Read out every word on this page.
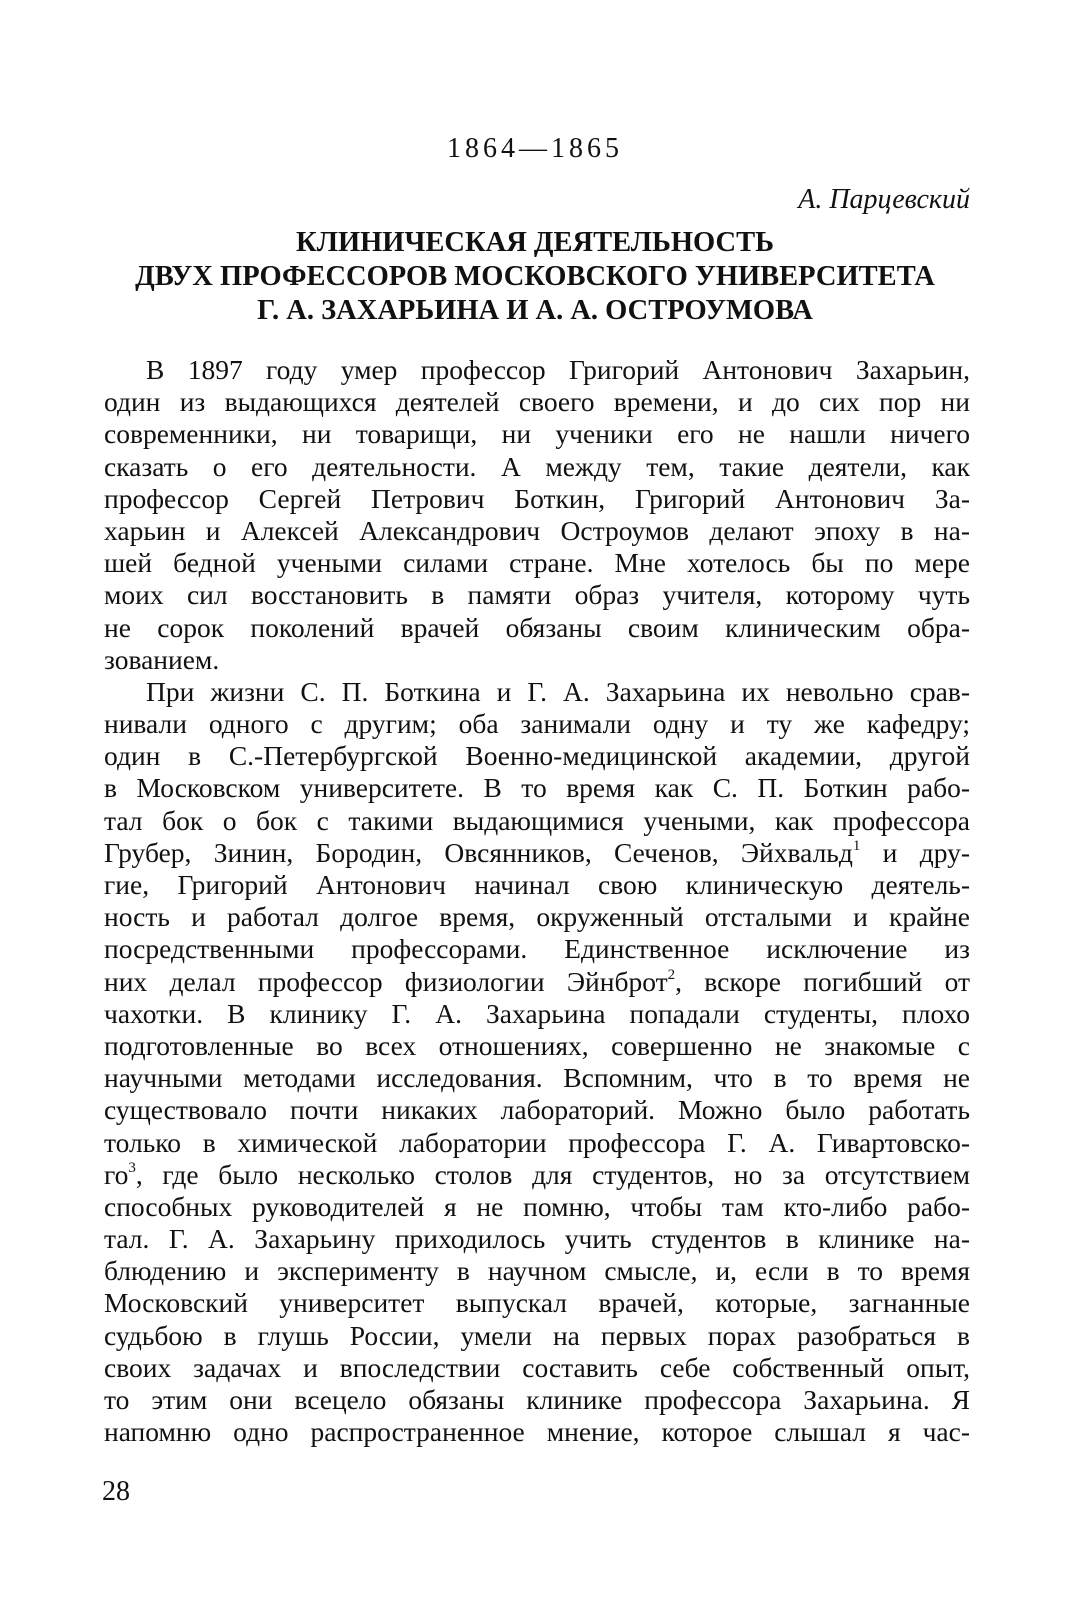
1864—1865
А. Парцевский
КЛИНИЧЕСКАЯ ДЕЯТЕЛЬНОСТЬ
ДВУХ ПРОФЕССОРОВ МОСКОВСКОГО УНИВЕРСИТЕТА
Г. А. ЗАХАРЬИНА И А. А. ОСТРОУМОВА
В 1897 году умер профессор Григорий Антонович Захарьин,
один из выдающихся деятелей своего времени, и до сих пор ни
современники, ни товарищи, ни ученики его не нашли ничего
сказать о его деятельности. А между тем, такие деятели, как
профессор Сергей Петрович Боткин, Григорий Антонович За-
харьин и Алексей Александрович Остроумов делают эпоху в на-
шей бедной учеными силами стране. Мне хотелось бы по мере
моих сил восстановить в памяти образ учителя, которому чуть
не сорок поколений врачей обязаны своим клиническим обра-
зованием.
При жизни С. П. Боткина и Г. А. Захарьина их невольно срав-
нивали одного с другим; оба занимали одну и ту же кафедру;
один в С.-Петербургской Военно-медицинской академии, другой
в Московском университете. В то время как С. П. Боткин рабо-
тал бок о бок с такими выдающимися учеными, как профессора
Грубер, Зинин, Бородин, Овсянников, Сеченов, Эйхвальд$^1$ и дру-
гие, Григорий Антонович начинал свою клиническую деятель-
ность и работал долгое время, окруженный отсталыми и крайне
посредственными профессорами. Единственное исключение из
них делал профессор физиологии Эйнброт$^2$, вскоре погибший от
чахотки. В клинику Г. А. Захарьина попадали студенты, плохо
подготовленные во всех отношениях, совершенно не знакомые с
научными методами исследования. Вспомним, что в то время не
существовало почти никаких лабораторий. Можно было работать
только в химической лаборатории профессора Г. А. Гивартовско-
$го^3$, где было несколько столов для студентов, но за отсутствием
способных руководителей я не помню, чтобы там кто-либо рабо-
тал. Г. А. Захарьину приходилось учить студентов в клинике на-
блюдению и эксперименту в научном смысле, и, если в то время
Московский университет выпускал врачей, которые, загнанные
судьбою в глушь России, умели на первых порах разобраться в
своих задачах и впоследствии составить себе собственный опыт,
то этим они всецело обязаны клинике профессора Захарьина. Я
напомню одно распространенное мнение, которое слышал я час-
28
